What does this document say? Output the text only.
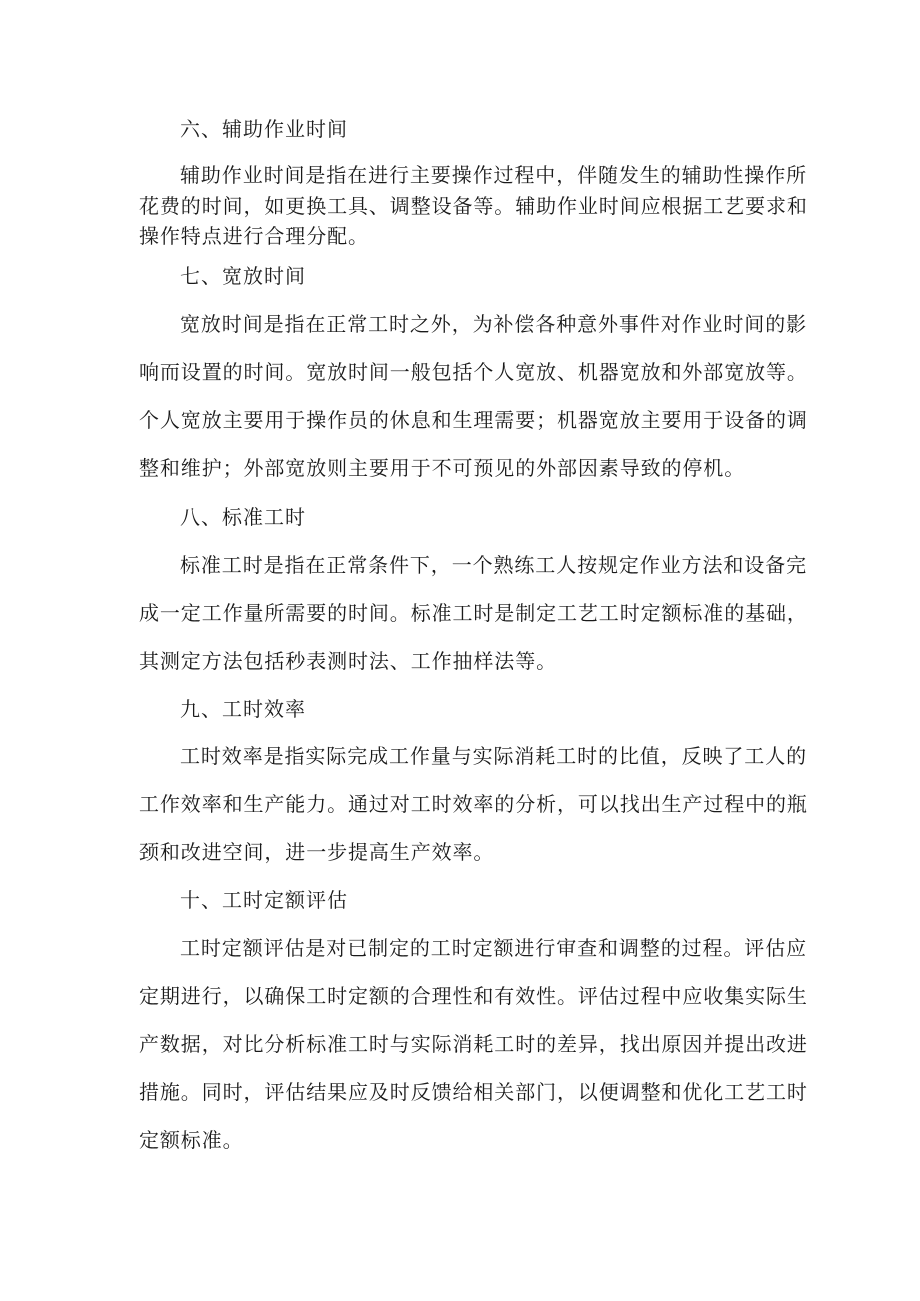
六、辅助作业时间
辅助作业时间是指在进行主要操作过程中，伴随发生的辅助性操作所
花费的时间，如更换工具、调整设备等。辅助作业时间应根据工艺要求和
操作特点进行合理分配。
七、宽放时间
宽放时间是指在正常工时之外，为补偿各种意外事件对作业时间的影
响而设置的时间。宽放时间一般包括个人宽放、机器宽放和外部宽放等。
个人宽放主要用于操作员的休息和生理需要；机器宽放主要用于设备的调
整和维护；外部宽放则主要用于不可预见的外部因素导致的停机。
八、标准工时
标准工时是指在正常条件下，一个熟练工人按规定作业方法和设备完
成一定工作量所需要的时间。标准工时是制定工艺工时定额标准的基础，
其测定方法包括秒表测时法、工作抽样法等。
九、工时效率
工时效率是指实际完成工作量与实际消耗工时的比值，反映了工人的
工作效率和生产能力。通过对工时效率的分析，可以找出生产过程中的瓶
颈和改进空间，进一步提高生产效率。
十、工时定额评估
工时定额评估是对已制定的工时定额进行审查和调整的过程。评估应
定期进行，以确保工时定额的合理性和有效性。评估过程中应收集实际生
产数据，对比分析标准工时与实际消耗工时的差异，找出原因并提出改进
措施。同时，评估结果应及时反馈给相关部门，以便调整和优化工艺工时
定额标准。
